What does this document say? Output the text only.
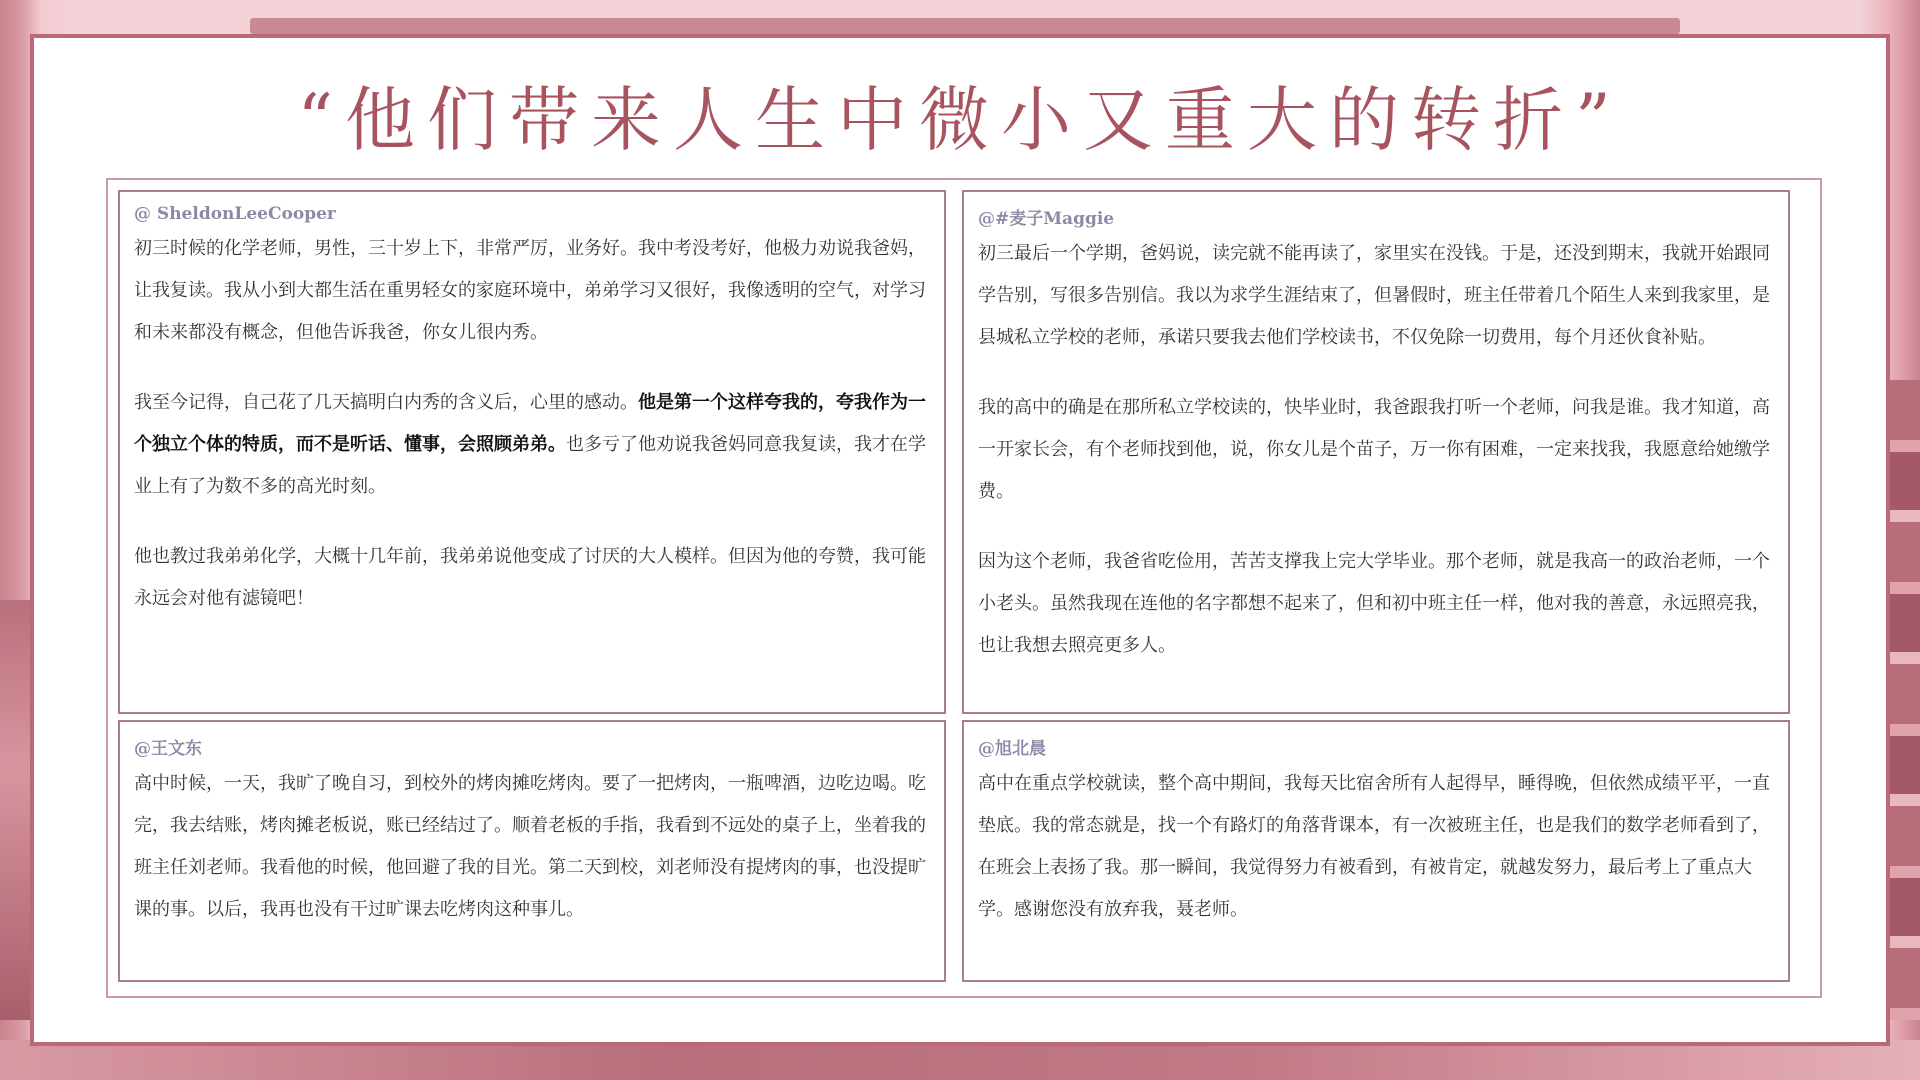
“他们带来人生中微小又重大的转折”
@ SheldonLeeCooper

初三时候的化学老师，男性，三十岁上下，非常严厉，业务好。我中考没考好，他极力劝说我爸妈，让我复读。我从小到大都生活在重男轻女的家庭环境中，弟弟学习又很好，我像透明的空气，对学习和未来都没有概念，但他告诉我爸，你女儿很内秀。

我至今记得，自己花了几天搞明白内秀的含义后，心里的感动。他是第一个这样夸我的，夸我作为一个独立个体的特质，而不是听话、懂事，会照顾弟弟。也多亏了他劝说我爸妈同意我复读，我才在学业上有了为数不多的高光时刻。

他也教过我弟弟化学，大概十几年前，我弟弟说他变成了讨厌的大人模样。但因为他的夸赞，我可能永远会对他有滤镜吧！

@#麦子Maggie

初三最后一个学期，爸妈说，读完就不能再读了，家里实在没钱。于是，还没到期末，我就开始跟同学告别，写很多告别信。我以为求学生涯结束了，但暑假时，班主任带着几个陌生人来到我家里，是县城私立学校的老师，承诺只要我去他们学校读书，不仅免除一切费用，每个月还伙食补贴。

我的高中的确是在那所私立学校读的，快毕业时，我爸跟我打听一个老师，问我是谁。我才知道，高一开家长会，有个老师找到他，说，你女儿是个苗子，万一你有困难，一定来找我，我愿意给她缴学费。

因为这个老师，我爸省吃俭用，苦苦支撑我上完大学毕业。那个老师，就是我高一的政治老师，一个小老头。虽然我现在连他的名字都想不起来了，但和初中班主任一样，他对我的善意，永远照亮我，也让我想去照亮更多人。

@王文东

高中时候，一天，我旷了晚自习，到校外的烤肉摊吃烤肉。要了一把烤肉，一瓶啤酒，边吃边喝。吃完，我去结账，烤肉摊老板说，账已经结过了。顺着老板的手指，我看到不远处的桌子上，坐着我的班主任刘老师。我看他的时候，他回避了我的目光。第二天到校，刘老师没有提烤肉的事，也没提旷课的事。以后，我再也没有干过旷课去吃烤肉这种事儿。

@旭北晨

高中在重点学校就读，整个高中期间，我每天比宿舍所有人起得早，睡得晚，但依然成绩平平，一直垫底。我的常态就是，找一个有路灯的角落背课本，有一次被班主任，也是我们的数学老师看到了，在班会上表扬了我。那一瞬间，我觉得努力有被看到，有被肯定，就越发努力，最后考上了重点大学。感谢您没有放弃我，聂老师。
